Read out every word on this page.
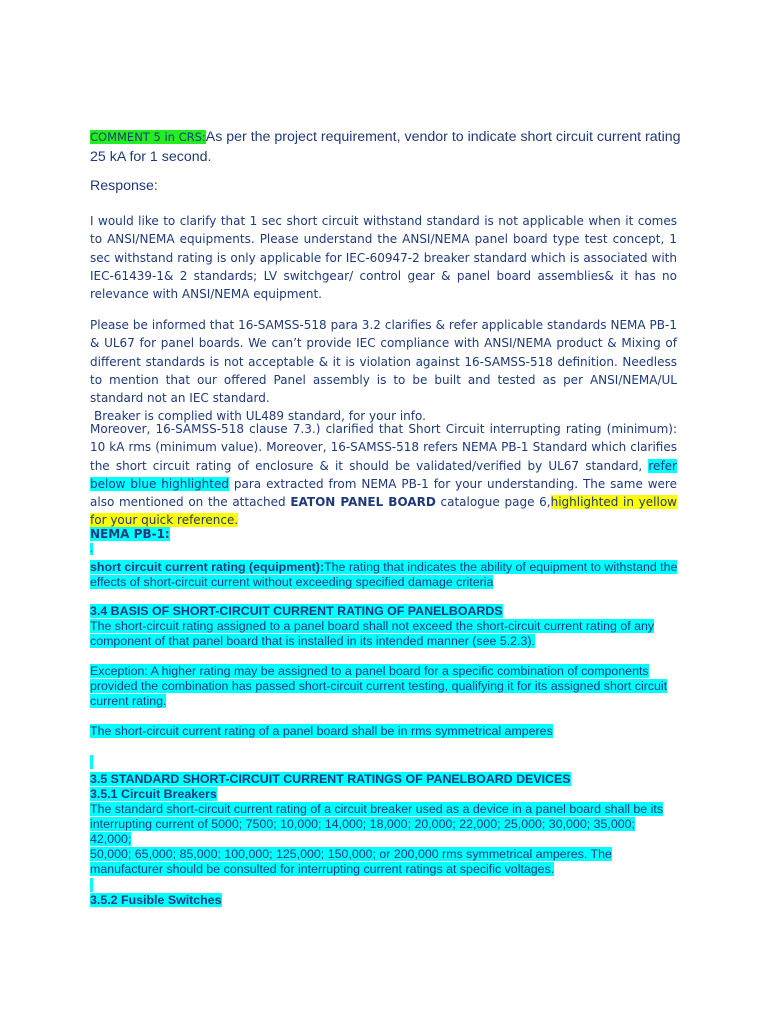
COMMENT 5 in CRS:As per the project requirement, vendor to indicate short circuit current rating
25 kA for 1 second.
Response:
I would like to clarify that 1 sec short circuit withstand standard is not applicable when it comes to ANSI/NEMA equipments. Please understand the ANSI/NEMA panel board type test concept, 1 sec withstand rating is only applicable for IEC-60947-2 breaker standard which is associated with IEC-61439-1& 2 standards; LV switchgear/ control gear & panel board assemblies& it has no relevance with ANSI/NEMA equipment.
Please be informed that 16-SAMSS-518 para 3.2 clarifies & refer applicable standards NEMA PB-1 & UL67 for panel boards. We can’t provide IEC compliance with ANSI/NEMA product & Mixing of different standards is not acceptable & it is violation against 16-SAMSS-518 definition. Needless to mention that our offered Panel assembly is to be built and tested as per ANSI/NEMA/UL standard not an IEC standard.
Breaker is complied with UL489 standard, for your info.
Moreover, 16-SAMSS-518 clause 7.3.) clarified that Short Circuit interrupting rating (minimum): 10 kA rms (minimum value). Moreover, 16-SAMSS-518 refers NEMA PB-1 Standard which clarifies the short circuit rating of enclosure & it should be validated/verified by UL67 standard, refer below blue highlighted para extracted from NEMA PB-1 for your understanding. The same were also mentioned on the attached EATON PANEL BOARD catalogue page 6,highlighted in yellow for your quick reference.
NEMA PB-1:
.
short circuit current rating (equipment):The rating that indicates the ability of equipment to withstand the effects of short-circuit current without exceeding specified damage criteria
3.4 BASIS OF SHORT-CIRCUIT CURRENT RATING OF PANELBOARDS
The short-circuit rating assigned to a panel board shall not exceed the short-circuit current rating of any component of that panel board that is installed in its intended manner (see 5.2.3).
Exception: A higher rating may be assigned to a panel board for a specific combination of components provided the combination has passed short-circuit current testing, qualifying it for its assigned short circuit current rating.
The short-circuit current rating of a panel board shall be in rms symmetrical amperes
3.5 STANDARD SHORT-CIRCUIT CURRENT RATINGS OF PANELBOARD DEVICES
3.5.1 Circuit Breakers
The standard short-circuit current rating of a circuit breaker used as a device in a panel board shall be its interrupting current of 5000; 7500; 10,000; 14,000; 18,000; 20,000; 22,000; 25,000; 30,000; 35,000; 42,000;
50,000; 65,000; 85,000; 100,000; 125,000; 150,000; or 200,000 rms symmetrical amperes. The manufacturer should be consulted for interrupting current ratings at specific voltages.
3.5.2 Fusible Switches
